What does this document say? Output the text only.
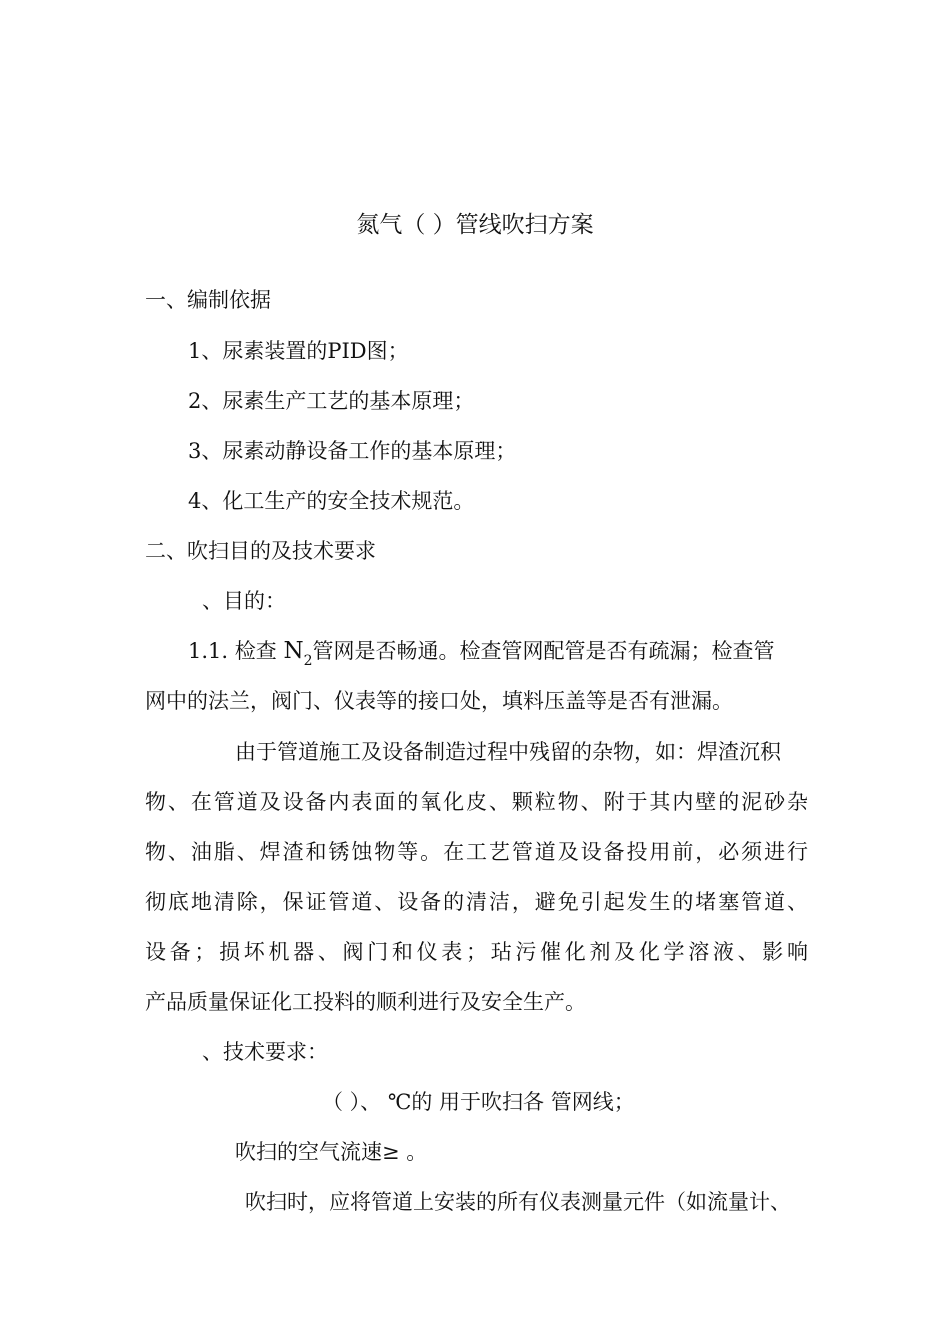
氮气（ ）管线吹扫方案
一、编制依据
1、尿素装置的PID图；
2、尿素生产工艺的基本原理；
3、尿素动静设备工作的基本原理；
4、化工生产的安全技术规范。
二、吹扫目的及技术要求
、目的：
1.1. 检查 $N_2$管网是否畅通。检查管网配管是否有疏漏；检查管
网中的法兰，阀门、仪表等的接口处，填料压盖等是否有泄漏。
由于管道施工及设备制造过程中残留的杂物，如：焊渣沉积
物、在管道及设备内表面的氧化皮、颗粒物、附于其内壁的泥砂杂
物、油脂、焊渣和锈蚀物等。在工艺管道及设备投用前，必须进行
彻底地清除，保证管道、设备的清洁，避免引起发生的堵塞管道、
设备；损坏机器、阀门和仪表；玷污催化剂及化学溶液、影响
产品质量保证化工投料的顺利进行及安全生产。
、技术要求：
（ ）、 ℃的 用于吹扫各 管网线；
吹扫的空气流速≥ 。
吹扫时，应将管道上安装的所有仪表测量元件（如流量计、
